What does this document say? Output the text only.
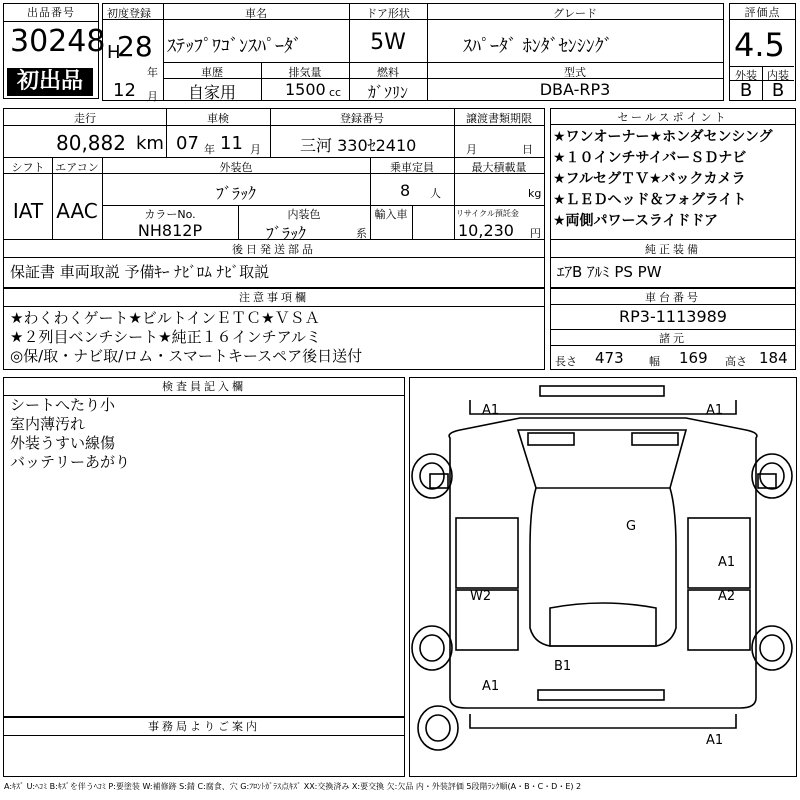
出品番号
30248
初出品
初度登録
H
28
年
12 月
車名
ｽﾃｯﾌﾟﾜｺﾞﾝｽﾊﾟｰﾀﾞ
ドア形状
5W
グレード
ｽﾊﾟｰﾀﾞ ﾎﾝﾀﾞｾﾝｼﾝｸﾞ
車歴
自家用
排気量
1500 cc
燃料
ｶﾞｿﾘﾝ
型式
DBA-RP3
評価点
4.5
外装 内装
B	B
走行
80,882 km
車検
07 年 11 月
登録番号
三河 330ｾ2410
譲渡書類期限
月	日
シフト
IAT
エアコン
AAC
外装色
ﾌﾞﾗｯｸ
乗車定員
8 人
最大積載量
kg
カラーNo.
NH812P
内装色
ﾌﾞﾗｯｸ	系
輸入車	リサイクル預託金
10,230 円
後日発送部品
保証書 車両取説 予備ｷｰ ﾅﾋﾞﾛﾑ ﾅﾋﾞ取説
セールスポイント
★ワンオーナー★ホンダセンシング
★１０インチサイバーＳＤナビ
★フルセグＴＶ★バックカメラ
★ＬＥＤヘッド＆フォグライト
★両側パワースライドドア
純正装備
ｴｱB ｱﾙﾐ PS PW
注意事項欄
★わくわくゲート★ビルトインＥＴＣ★ＶＳＡ
★２列目ベンチシート★純正１６インチアルミ
◎保/取・ナビ取/ロム・スマートキースペア後日送付
車台番号
RP3-1113989
諸元
長さ 473 幅 169 高さ 184
検査員記入欄
シートへたり小
室内薄汚れ
外装うすい線傷
バッテリーあがり
事務局よりご案内
A1	A1
G
A1
A2
W2
B1
A1
A1
A:ｷｽﾞ U:ﾍｺﾐ B:ｷｽﾞを伴うﾍｺﾐ P:要塗装 W:補修跡 S:錆 C:腐食、穴 G:ﾌﾛﾝﾄｶﾞﾗｽ点ｷｽﾞ XX:交換済み X:要交換 欠:欠品 内・外装評価 5段階ﾗﾝｸ順(A・B・C・D・E) 2
